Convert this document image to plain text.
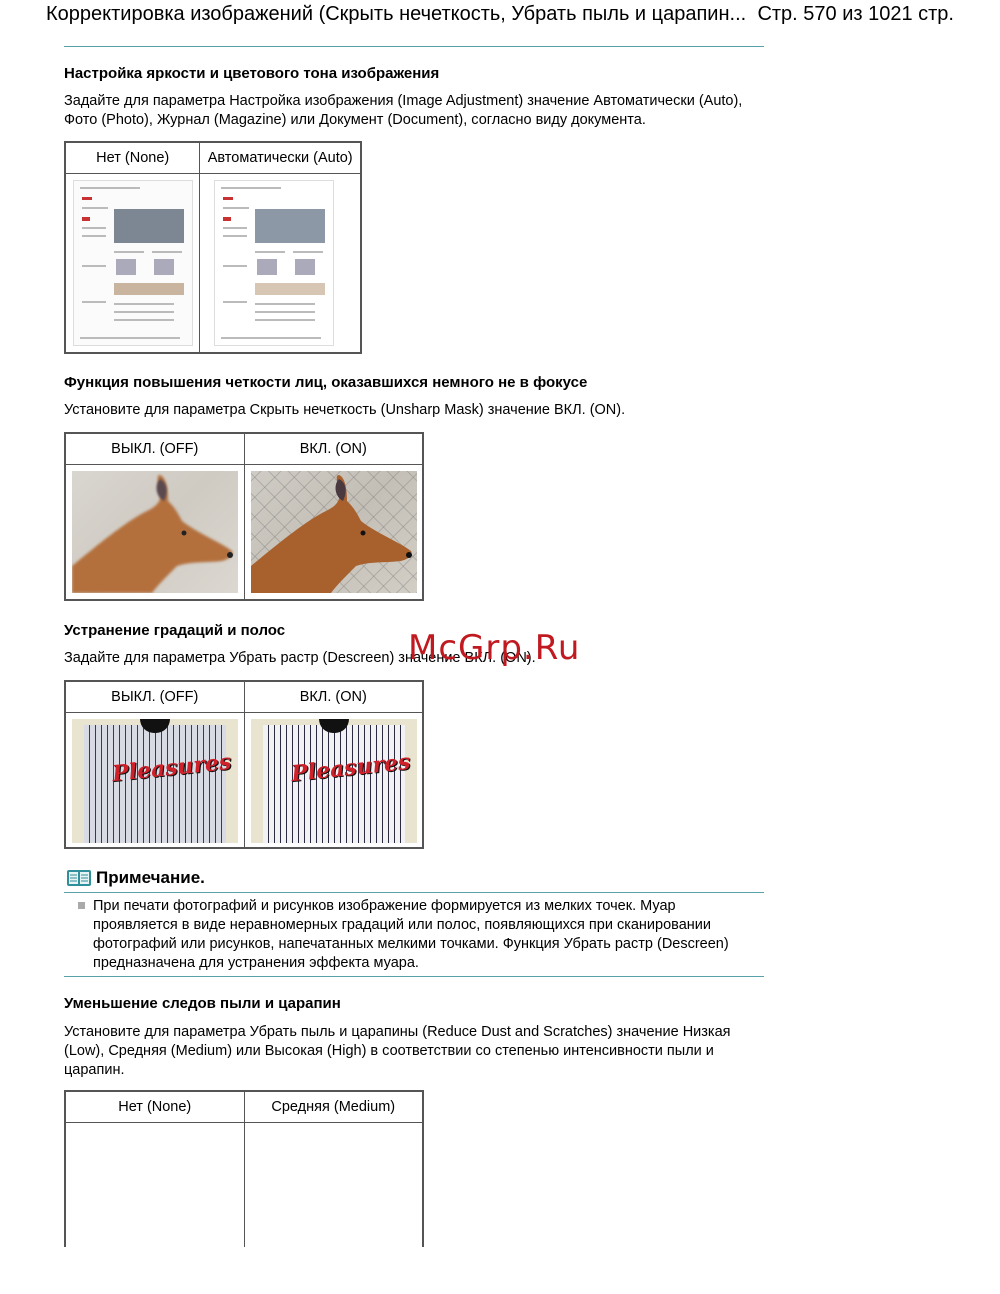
Корректировка изображений (Скрыть нечеткость, Убрать пыль и царапин... Стр. 570 из 1021 стр.
Настройка яркости и цветового тона изображения
Задайте для параметра Настройка изображения (Image Adjustment) значение Автоматически (Auto), Фото (Photo), Журнал (Magazine) или Документ (Document), согласно виду документа.
Нет (None)	Автоматически (Auto)

Функция повышения четкости лиц, оказавшихся немного не в фокусе
Установите для параметра Скрыть нечеткость (Unsharp Mask) значение ВКЛ. (ON).
ВЫКЛ. (OFF)	ВКЛ. (ON)

Устранение градаций и полос
Задайте для параметра Убрать растр (Descreen) значение ВКЛ. (ON).
McGrp.Ru
ВЫКЛ. (OFF)	ВКЛ. (ON)

Pleasures	Pleasures
Примечание.
При печати фотографий и рисунков изображение формируется из мелких точек. Муар проявляется в виде неравномерных градаций или полос, появляющихся при сканировании фотографий или рисунков, напечатанных мелкими точками. Функция Убрать растр (Descreen) предназначена для устранения эффекта муара.
Уменьшение следов пыли и царапин
Установите для параметра Убрать пыль и царапины (Reduce Dust and Scratches) значение Низкая (Low), Средняя (Medium) или Высокая (High) в соответствии со степенью интенсивности пыли и царапин.
Нет (None)	Средняя (Medium)
